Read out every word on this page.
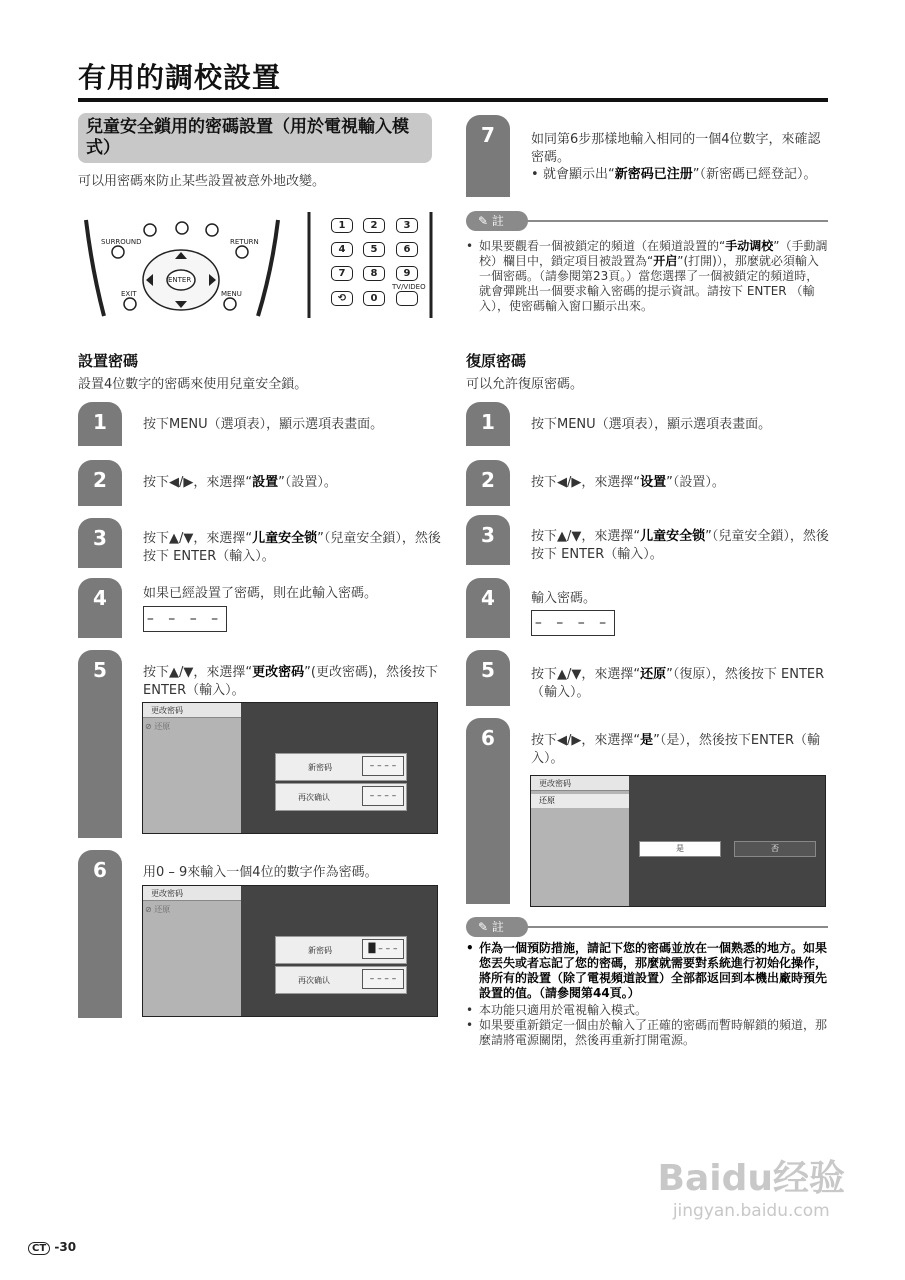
有用的調校設置
兒童安全鎖用的密碼設置（用於電視輸入模式）
可以用密碼來防止某些設置被意外地改變。
SURROUND	RETURN
ENTER
EXIT	MENU
1	2	3
4	5	6
7	8	9
⟲	0
TV/VIDEO
設置密碼
設置4位數字的密碼來使用兒童安全鎖。
1	按下MENU（選項表），顯示選項表畫面。
2	按下◀/▶，來選擇“設置”（設置）。
3	按下▲/▼，來選擇“儿童安全锁”（兒童安全鎖），然後按下 ENTER（輸入）。
4	如果已經設置了密碼，則在此輸入密碼。
– – – –
5	按下▲/▼，來選擇“更改密码”(更改密碼)，然後按下 ENTER（輸入）。
更改密码
⊘ 还原
新密码	– – – –
再次确认	– – – –
6	用0 – 9來輸入一個4位的數字作為密碼。
更改密码
⊘ 还原
新密码	█ – – –
再次确认	– – – –
7	如同第6步那樣地輸入相同的一個4位數字，來確認密碼。
• 就會顯示出“新密码已注册”（新密碼已經登記）。
✎ 註
• 如果要觀看一個被鎖定的頻道（在頻道設置的“手动调校”（手動調校）欄目中，鎖定項目被設置為“开启”(打開)），那麼就必須輸入一個密碼。（請參閱第23頁。）當您選擇了一個被鎖定的頻道時，就會彈跳出一個要求輸入密碼的提示資訊。請按下 ENTER （輸入），使密碼輸入窗口顯示出來。
復原密碼
可以允許復原密碼。
1	按下MENU（選項表），顯示選項表畫面。
2	按下◀/▶，來選擇“设置”（設置）。
3	按下▲/▼，來選擇“儿童安全锁”（兒童安全鎖），然後按下 ENTER（輸入）。
4	輸入密碼。
– – – –
5	按下▲/▼，來選擇“还原”（復原），然後按下 ENTER（輸入）。
6	按下◀/▶，來選擇“是”（是），然後按下ENTER（輸入）。
更改密码
还原
是	否
✎ 註
• 作為一個預防措施，請記下您的密碼並放在一個熟悉的地方。如果您丟失或者忘記了您的密碼，那麼就需要對系統進行初始化操作，將所有的設置（除了電視頻道設置）全部都返回到本機出廠時預先設置的值。（請參閱第44頁。）
• 本功能只適用於電視輸入模式。
• 如果要重新鎖定一個由於輸入了正確的密碼而暫時解鎖的頻道，那麼請將電源關閉，然後再重新打開電源。
Baidu经验
jingyan.baidu.com
CT -30
